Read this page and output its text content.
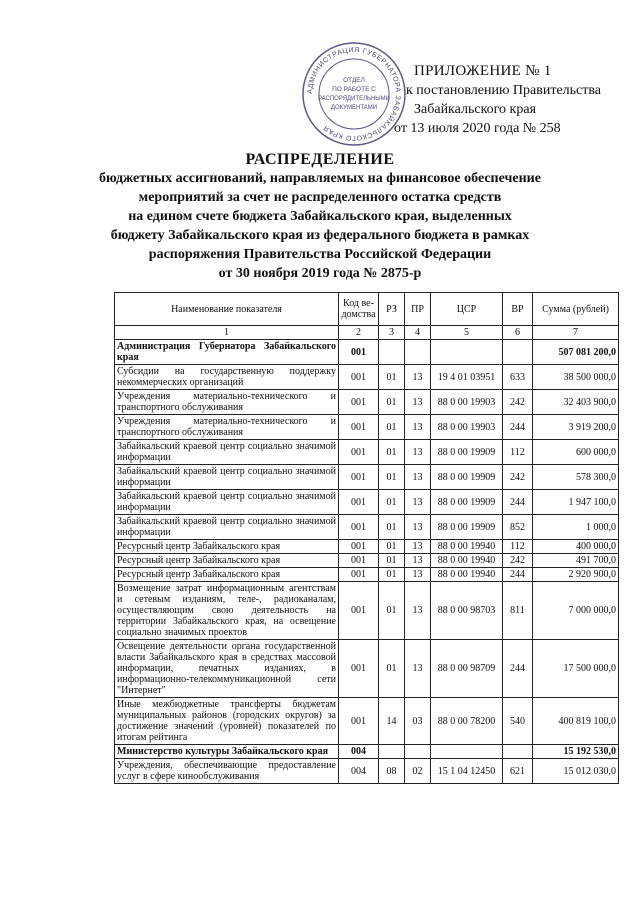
ПРИЛОЖЕНИЕ № 1
к постановлению Правительства
Забайкальского края
от 13 июля 2020 года № 258
АДМИНИСТРАЦИЯ ГУБЕРНАТОРА ЗАБАЙКАЛЬСКОГО КРАЯ
ОТДЕЛ
ПО РАБОТЕ С
РАСПОРЯДИТЕЛЬНЫМИ
ДОКУМЕНТАМИ
РАСПРЕДЕЛЕНИЕ
бюджетных ассигнований, направляемых на финансовое обеспечение
мероприятий за счет не распределенного остатка средств
на едином счете бюджета Забайкальского края, выделенных
бюджету Забайкальского края из федерального бюджета в рамках
распоряжения Правительства Российской Федерации
от 30 ноября 2019 года № 2875-р
Наименование показателя	Код ве-домства	РЗ	ПР	ЦСР	ВР	Сумма (рублей)
1	2	3	4	5	6	7
Администрация Губернатора Забайкальского края	001					507 081 200,0
Субсидии на государственную поддержку некоммерческих организаций	001	01	13	19 4 01 03951	633	38 500 000,0
Учреждения материально-технического и транспортного обслуживания	001	01	13	88 0 00 19903	242	32 403 900,0
Учреждения материально-технического и транспортного обслуживания	001	01	13	88 0 00 19903	244	3 919 200,0
Забайкальский краевой центр социально значимой информации	001	01	13	88 0 00 19909	112	600 000,0
Забайкальский краевой центр социально значимой информации	001	01	13	88 0 00 19909	242	578 300,0
Забайкальский краевой центр социально значимой информации	001	01	13	88 0 00 19909	244	1 947 100,0
Забайкальский краевой центр социально значимой информации	001	01	13	88 0 00 19909	852	1 000,0
Ресурсный центр Забайкальского края	001	01	13	88 0 00 19940	112	400 000,0
Ресурсный центр Забайкальского края	001	01	13	88 0 00 19940	242	491 700,0
Ресурсный центр Забайкальского края	001	01	13	88 0 00 19940	244	2 920 900,0
Возмещение затрат информационным агентствам и сетевым изданиям, теле-, радиоканалам, осуществляющим свою деятельность на территории Забайкальского края, на освещение социально значимых проектов	001	01	13	88 0 00 98703	811	7 000 000,0
Освещение деятельности органа государственной власти Забайкальского края в средствах массовой информации, печатных изданиях, в информационно-телекоммуникационной сети "Интернет"	001	01	13	88 0 00 98709	244	17 500 000,0
Иные межбюджетные трансферты бюджетам муниципальных районов (городских округов) за достижение значений (уровней) показателей по итогам рейтинга	001	14	03	88 0 00 78200	540	400 819 100,0
Министерство культуры Забайкальского края	004					15 192 530,0
Учреждения, обеспечивающие предоставление услуг в сфере кинообслуживания	004	08	02	15 1 04 12450	621	15 012 030,0
